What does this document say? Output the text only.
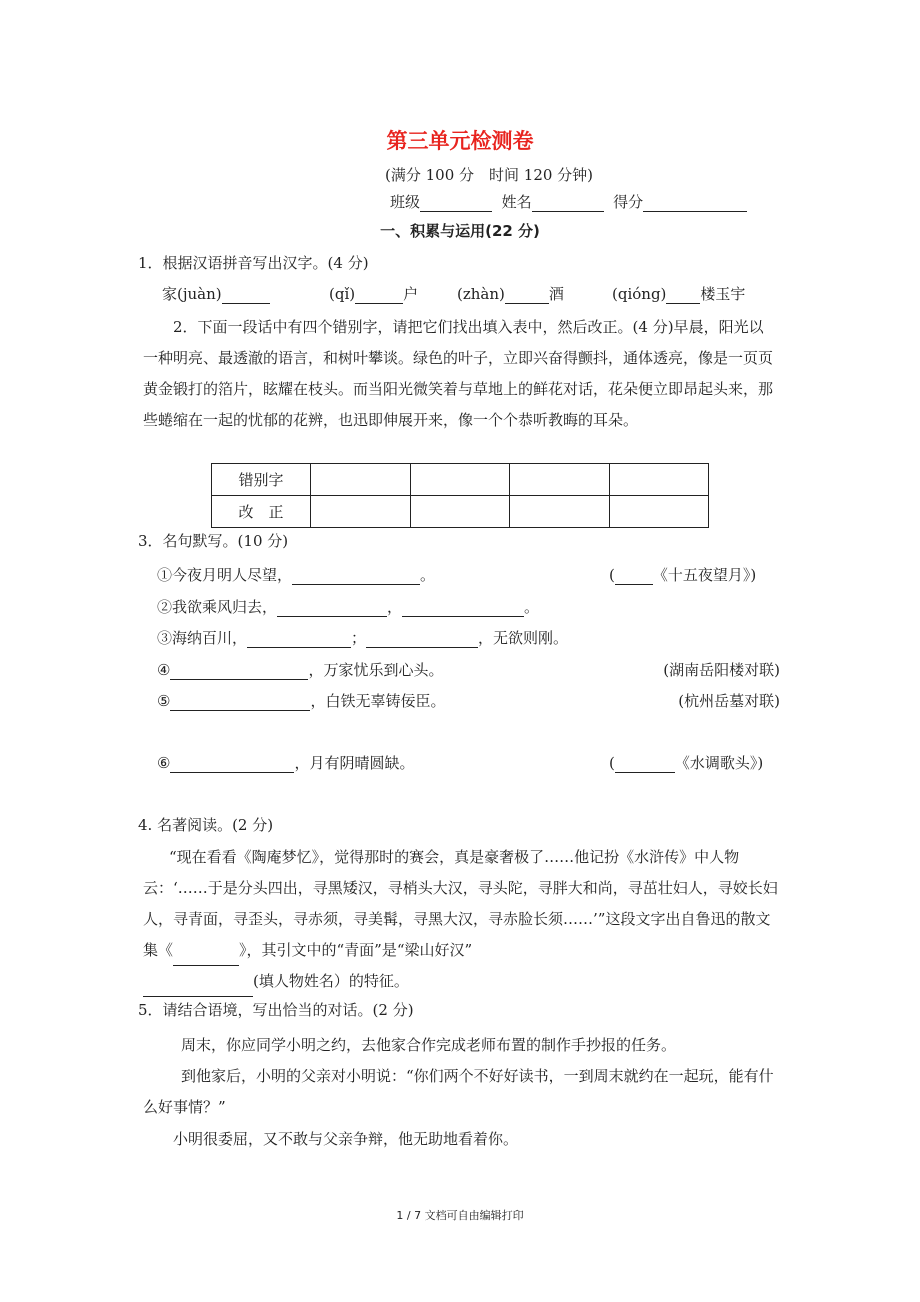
第三单元检测卷
(满分 100 分　时间 120 分钟)
班级	姓名	得分
一、积累与运用(22 分)
1．根据汉语拼音写出汉字。(4 分)
家(juàn)	(qǐ)	户	(zhàn)	酒	(qióng) 楼玉宇
2．下面一段话中有四个错别字，请把它们找出填入表中，然后改正。(4 分)早晨，阳光以一种明亮、最透澈的语言，和树叶攀谈。绿色的叶子，立即兴奋得颤抖，通体透亮，像是一页页黄金锻打的箔片，眩耀在枝头。而当阳光微笑着与草地上的鲜花对话，花朵便立即昂起头来，那些蜷缩在一起的忧郁的花辨，也迅即伸展开来，像一个个恭听教晦的耳朵。
错别字				
改　正				
3．名句默写。(10 分)
①今夜月明人尽望，	。	(	《十五夜望月》)
②我欲乘风归去，	，	。
③海纳百川，	；	，无欲则刚。
④	，万家忧乐到心头。	(湖南岳阳楼对联)
⑤	，白铁无辜铸佞臣。	(杭州岳墓对联)
⑥	，月有阴晴圆缺。	(	《水调歌头》)
4. 名著阅读。(2 分)
“现在看看《陶庵梦忆》，觉得那时的赛会，真是豪奢极了……他记扮《水浒传》中人物云：‘……于是分头四出，寻黑矮汉，寻梢头大汉，寻头陀，寻胖大和尚，寻茁壮妇人，寻姣长妇人，寻青面，寻歪头，寻赤须，寻美髯，寻黑大汉，寻赤脸长须……’”这段文字出自鲁迅的散文集《	》，其引文中的“青面”是“梁山好汉”
(填人物姓名）的特征。
5．请结合语境，写出恰当的对话。(2 分)
周末，你应同学小明之约，去他家合作完成老师布置的制作手抄报的任务。
到他家后，小明的父亲对小明说：“你们两个不好好读书，一到周末就约在一起玩，能有什么好事情？”
小明很委屈，又不敢与父亲争辩，他无助地看着你。
1 / 7 文档可自由编辑打印
